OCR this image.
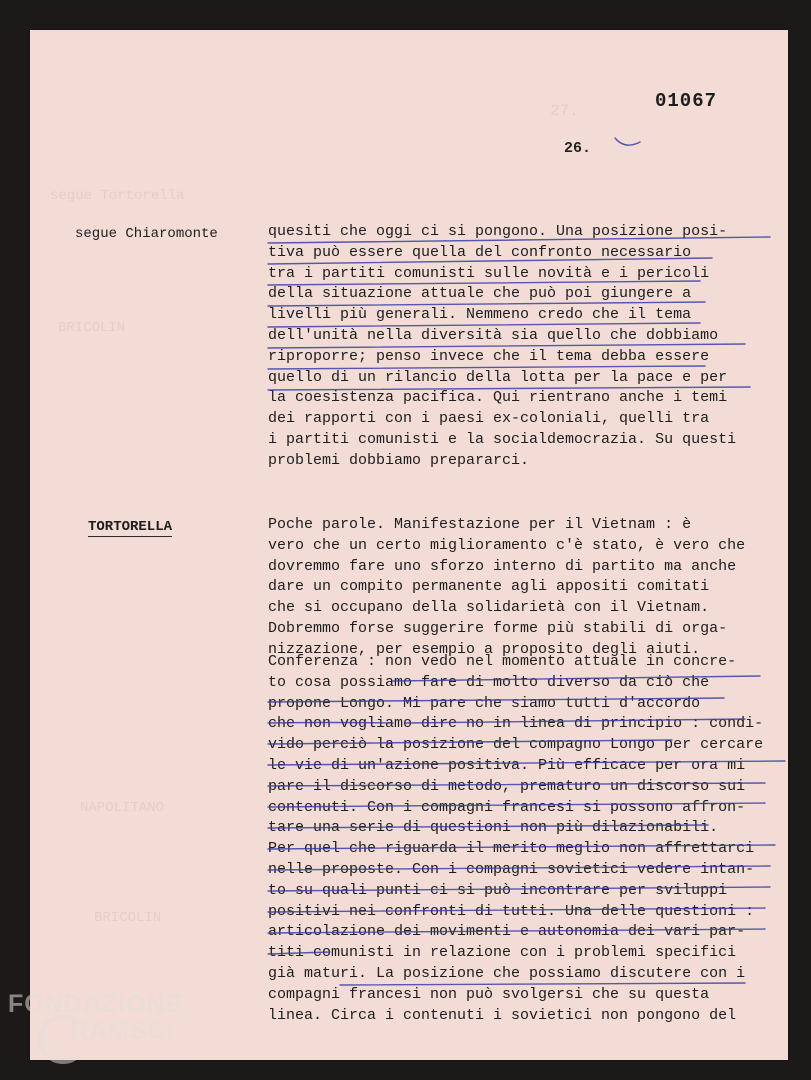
01067
26.
segue Chiaromonte	quesiti che oggi ci si pongono. Una posizione posi-
tiva può essere quella del confronto necessario
tra i partiti comunisti sulle novità e i pericoli
della situazione attuale che può poi giungere a
livelli più generali. Nemmeno credo che il tema
dell'unità nella diversità sia quello che dobbiamo
riproporre; penso invece che il tema debba essere
quello di un rilancio della lotta per la pace e per
la coesistenza pacifica. Qui rientrano anche i temi
dei rapporti con i paesi ex-coloniali, quelli tra
i partiti comunisti e la socialdemocrazia. Su questi
problemi dobbiamo prepararci.
TORTORELLA	Poche parole. Manifestazione per il Vietnam : è
vero che un certo miglioramento c'è stato, è vero che
dovremmo fare uno sforzo interno di partito ma anche
dare un compito permanente agli appositi comitati
che si occupano della solidarietà con il Vietnam.
Dobremmo forse suggerire forme più stabili di orga-
nizzazione, per esempio a proposito degli aiuti.
Conferenza : non vedo nel momento attuale in concre-
to cosa possiamo fare di molto diverso da ciò che
propone Longo. Mi pare che siamo tutti d'accordo
che non vogliamo dire no in linea di principio : condi-
vido perciò la posizione del compagno Longo per cercare
le vie di un'azione positiva. Più efficace per ora mi
pare il discorso di metodo, prematuro un discorso sui
contenuti. Con i compagni francesi si possono affron-
tare una serie di questioni non più dilazionabili.
Per quel che riguarda il merito meglio non affrettarci
nelle proposte. Con i compagni sovietici vedere intan-
to su quali punti ci si può incontrare per sviluppi
positivi nei confronti di tutti. Una delle questioni :
articolazione dei movimenti e autonomia dei vari par-
titi comunisti in relazione con i problemi specifici
già maturi. La posizione che possiamo discutere con i
compagni francesi non può svolgersi che su questa
linea. Circa i contenuti i sovietici non pongono del
FONDAZIONE
RAMSCI
Onlus
